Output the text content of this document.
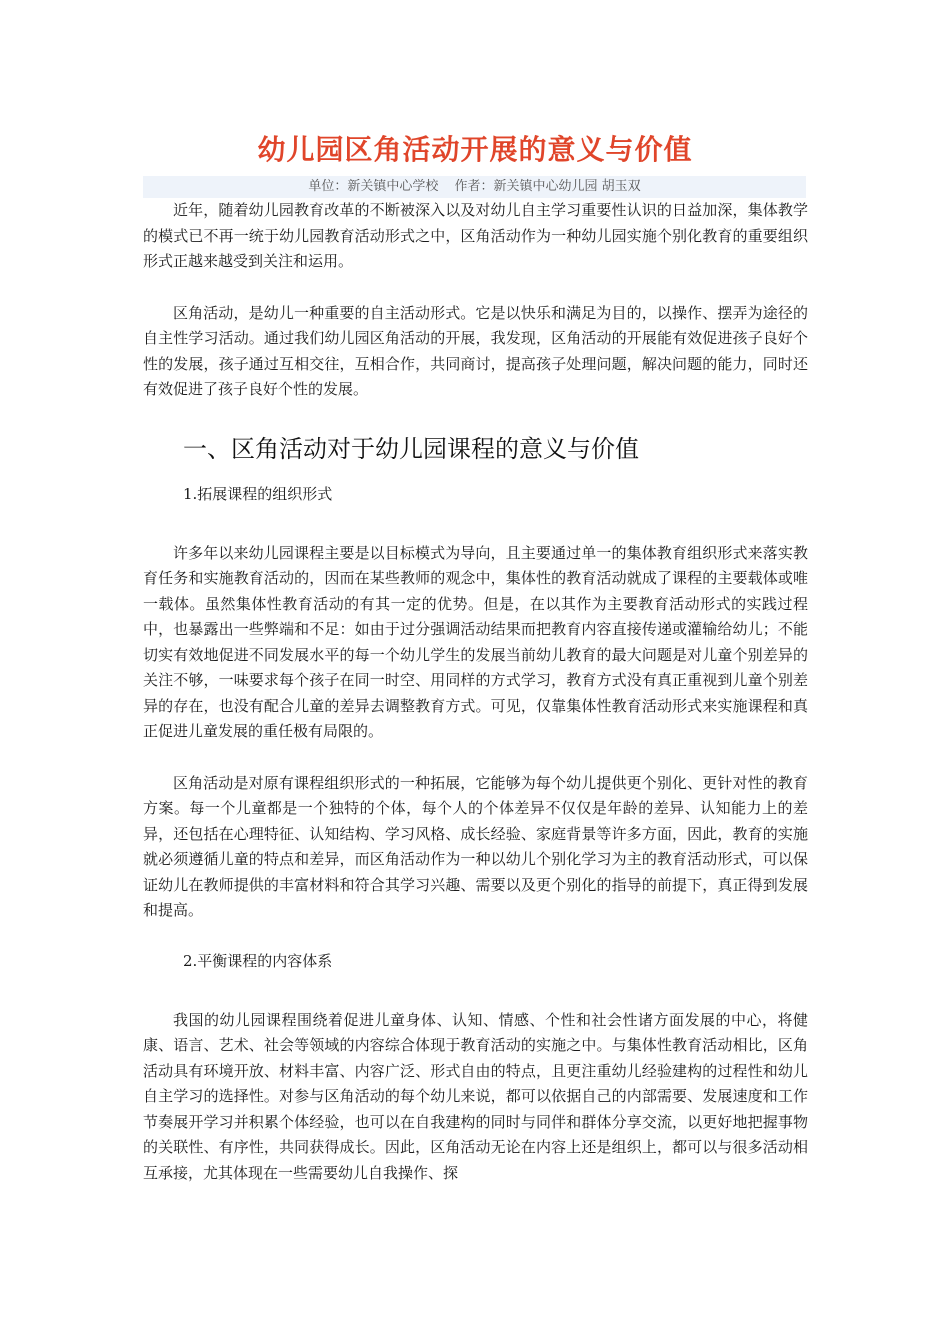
幼儿园区角活动开展的意义与价值
单位：新关镇中心学校 作者：新关镇中心幼儿园 胡玉双

近年，随着幼儿园教育改革的不断被深入以及对幼儿自主学习重要性认识的日益加深，集体教学的模式已不再一统于幼儿园教育活动形式之中，区角活动作为一种幼儿园实施个别化教育的重要组织形式正越来越受到关注和运用。

区角活动，是幼儿一种重要的自主活动形式。它是以快乐和满足为目的，以操作、摆弄为途径的自主性学习活动。通过我们幼儿园区角活动的开展，我发现，区角活动的开展能有效促进孩子良好个性的发展，孩子通过互相交往，互相合作，共同商讨，提高孩子处理问题，解决问题的能力，同时还有效促进了孩子良好个性的发展。

一、区角活动对于幼儿园课程的意义与价值
1.拓展课程的组织形式

许多年以来幼儿园课程主要是以目标模式为导向，且主要通过单一的集体教育组织形式来落实教育任务和实施教育活动的，因而在某些教师的观念中，集体性的教育活动就成了课程的主要载体或唯一载体。虽然集体性教育活动的有其一定的优势。但是，在以其作为主要教育活动形式的实践过程中，也暴露出一些弊端和不足：如由于过分强调活动结果而把教育内容直接传递或灌输给幼儿；不能切实有效地促进不同发展水平的每一个幼儿学生的发展当前幼儿教育的最大问题是对儿童个别差异的关注不够，一味要求每个孩子在同一时空、用同样的方式学习，教育方式没有真正重视到儿童个别差异的存在，也没有配合儿童的差异去调整教育方式。可见，仅靠集体性教育活动形式来实施课程和真正促进儿童发展的重任极有局限的。

区角活动是对原有课程组织形式的一种拓展，它能够为每个幼儿提供更个别化、更针对性的教育方案。每一个儿童都是一个独特的个体，每个人的个体差异不仅仅是年龄的差异、认知能力上的差异，还包括在心理特征、认知结构、学习风格、成长经验、家庭背景等许多方面，因此，教育的实施就必须遵循儿童的特点和差异，而区角活动作为一种以幼儿个别化学习为主的教育活动形式，可以保证幼儿在教师提供的丰富材料和符合其学习兴趣、需要以及更个别化的指导的前提下，真正得到发展和提高。

2.平衡课程的内容体系

我国的幼儿园课程围绕着促进儿童身体、认知、情感、个性和社会性诸方面发展的中心，将健康、语言、艺术、社会等领域的内容综合体现于教育活动的实施之中。与集体性教育活动相比，区角活动具有环境开放、材料丰富、内容广泛、形式自由的特点，且更注重幼儿经验建构的过程性和幼儿自主学习的选择性。对参与区角活动的每个幼儿来说，都可以依据自己的内部需要、发展速度和工作节奏展开学习并积累个体经验，也可以在自我建构的同时与同伴和群体分享交流，以更好地把握事物的关联性、有序性，共同获得成长。因此，区角活动无论在内容上还是组织上，都可以与很多活动相互承接，尤其体现在一些需要幼儿自我操作、探
